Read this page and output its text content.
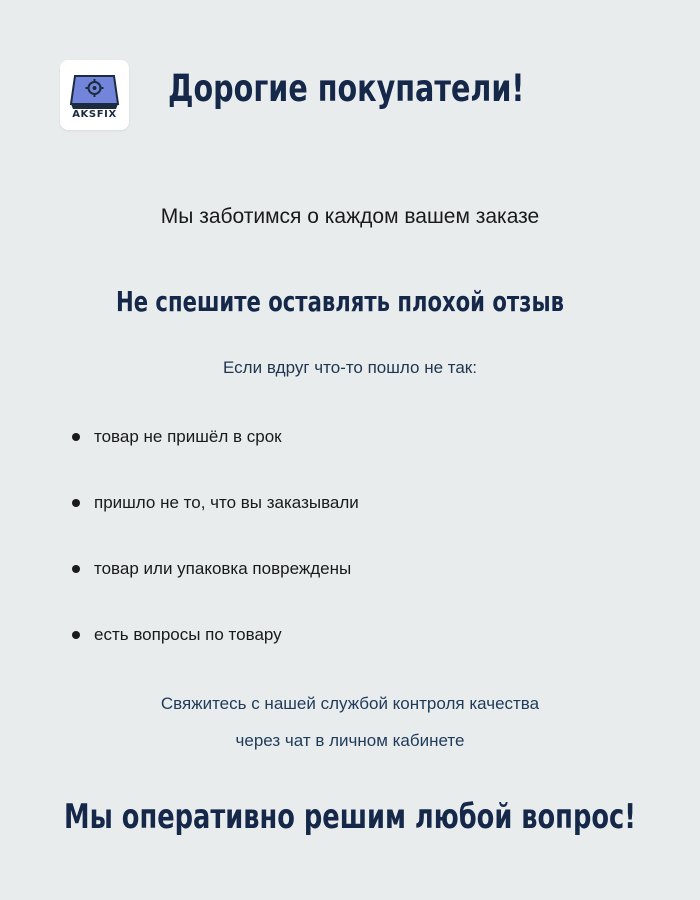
AKSFIX
Дорогие покупатели!

Мы заботимся о каждом вашем заказе

Не спешите оставлять плохой отзыв

Если вдруг что-то пошло не так:

товар не пришёл в срок
пришло не то, что вы заказывали
товар или упаковка повреждены
есть вопросы по товару

Свяжитесь с нашей службой контроля качества

через чат в личном кабинете

Мы оперативно решим любой вопрос!
